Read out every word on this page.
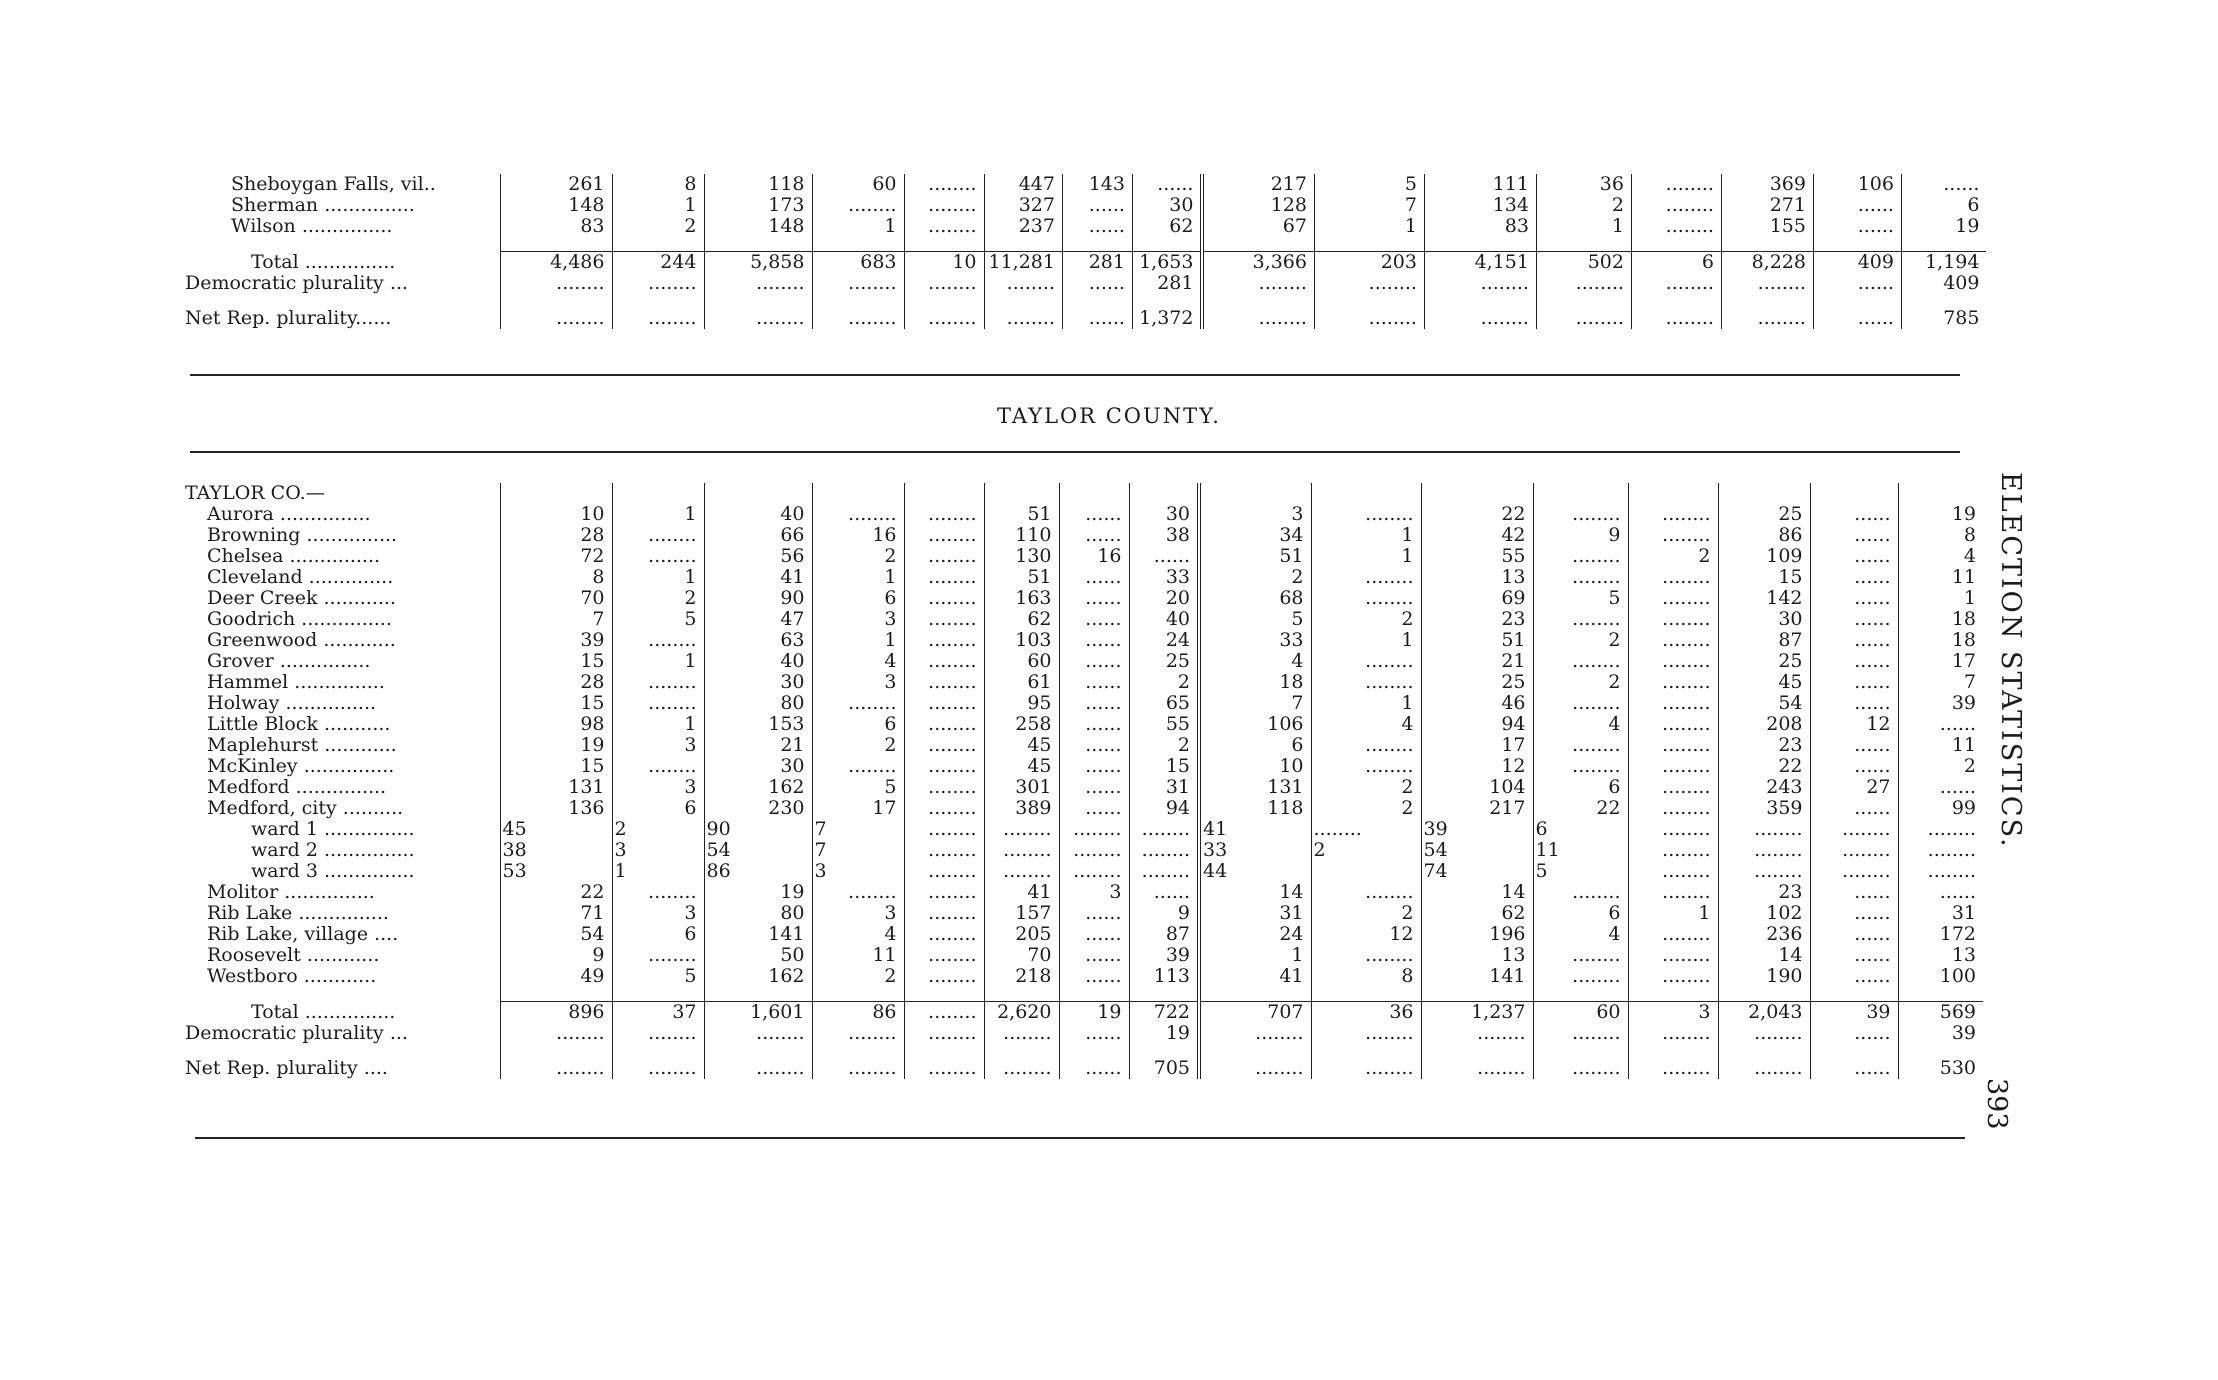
Sheboygan Falls, vil..	261	8	118	60	........	447	143	......	217	5	111	36	........	369	106	......
Sherman ...............	148	1	173	........	........	327	......	30	128	7	134	2	........	271	......	6
Wilson ...............	83	2	148	1	........	237	......	62	67	1	83	1	........	155	......	19

Total ...............	4,486	244	5,858	683	10	11,281	281	1,653	3,366	203	4,151	502	6	8,228	409	1,194
Democratic plurality ...	........	........	........	........	........	........	......	281	........	........	........	........	........	........	......	409

Net Rep. plurality......	........	........	........	........	........	........	......	1,372	........	........	........	........	........	........	......	785
TAYLOR COUNTY.
TAYLOR CO.—																
Aurora ...............	10	1	40	........	........	51	......	30	3	........	22	........	........	25	......	19
Browning ...............	28	........	66	16	........	110	......	38	34	1	42	9	........	86	......	8
Chelsea ...............	72	........	56	2	........	130	16	......	51	1	55	........	2	109	......	4
Cleveland ..............	8	1	41	1	........	51	......	33	2	........	13	........	........	15	......	11
Deer Creek ............	70	2	90	6	........	163	......	20	68	........	69	5	........	142	......	1
Goodrich ...............	7	5	47	3	........	62	......	40	5	2	23	........	........	30	......	18
Greenwood ............	39	........	63	1	........	103	......	24	33	1	51	2	........	87	......	18
Grover ...............	15	1	40	4	........	60	......	25	4	........	21	........	........	25	......	17
Hammel ...............	28	........	30	3	........	61	......	2	18	........	25	2	........	45	......	7
Holway ...............	15	........	80	........	........	95	......	65	7	1	46	........	........	54	......	39
Little Block ...........	98	1	153	6	........	258	......	55	106	4	94	4	........	208	12	......
Maplehurst ............	19	3	21	2	........	45	......	2	6	........	17	........	........	23	......	11
McKinley ...............	15	........	30	........	........	45	......	15	10	........	12	........	........	22	......	2
Medford ...............	131	3	162	5	........	301	......	31	131	2	104	6	........	243	27	......
Medford, city ..........	136	6	230	17	........	389	......	94	118	2	217	22	........	359	......	99
ward 1 ...............	45	2	90	7	........	........	........	........	41	........	39	6	........	........	........	........
ward 2 ...............	38	3	54	7	........	........	........	........	33	2	54	11	........	........	........	........
ward 3 ...............	53	1	86	3	........	........	........	........	44		74	5	........	........	........	........
Molitor ...............	22	........	19	........	........	41	3	......	14	........	14	........	........	23	......	......
Rib Lake ...............	71	3	80	3	........	157	......	9	31	2	62	6	1	102	......	31
Rib Lake, village ....	54	6	141	4	........	205	......	87	24	12	196	4	........	236	......	172
Roosevelt ............	9	........	50	11	........	70	......	39	1	........	13	........	........	14	......	13
Westboro ............	49	5	162	2	........	218	......	113	41	8	141	........	........	190	......	100

Total ...............	896	37	1,601	86	........	2,620	19	722	707	36	1,237	60	3	2,043	39	569
Democratic plurality ...	........	........	........	........	........	........	......	19	........	........	........	........	........	........	......	39

Net Rep. plurality ....	........	........	........	........	........	........	......	705	........	........	........	........	........	........	......	530
ELECTION STATISTICS.
393
